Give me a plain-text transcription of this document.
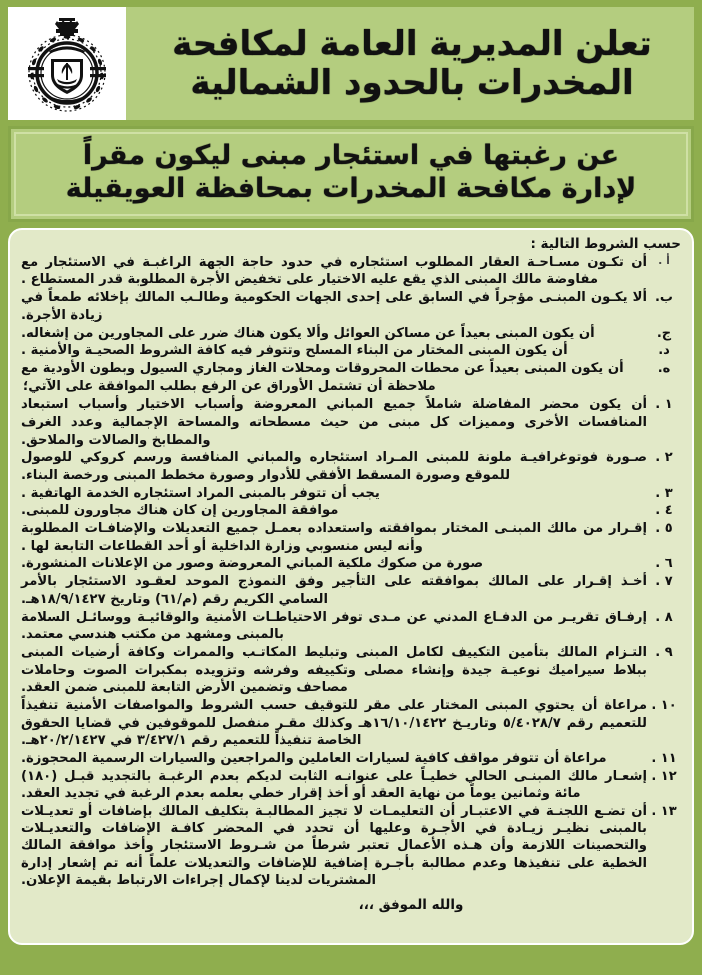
تعلن المديرية العامة لمكافحة
المخدرات بالحدود الشمالية
عن رغبتها في استئجار مبنى ليكون مقراً
لإدارة مكافحة المخدرات بمحافظة العويقيلة
حسب الشروط التالية :
أ .
أن تكـون مسـاحـة العقار المطلوب استئجاره في حدود حاجة الجهة الراغبـة في الاستئجار مع مفاوضة مالك المبنى الذي يقع عليه الاختيار على تخفيض الأجرة المطلوبة قدر المستطاع .
ب.
ألا يكـون المبنـى مؤجراً في السابق على إحدى الجهات الحكومية وطالـب المالك بإخلائه طمعاً في زيادة الأجرة.
ج.
أن يكون المبنى بعيداً عن مساكن العوائل وألا يكون هناك ضرر على المجاورين من إشغاله.
د.
أن يكون المبنى المختار من البناء المسلح وتتوفر فيه كافة الشروط الصحيـة والأمنية .
ه.
أن يكون المبنى بعيداً عن محطات المحروقات ومحلات الغاز ومجاري السيول وبطون الأودية مع
ملاحظة أن تشتمل الأوراق عن الرفع بطلب الموافقة على الآتي؛
١ .
أن يكون محضر المفاضلة شاملاً جميع المباني المعروضة وأسباب الاختيار وأسباب استبعاد المنافسات الأخرى ومميزات كل مبنى من حيث مسطحاته والمساحة الإجمالية وعدد الغرف والمطابخ والصالات والملاحق.
٢ .
صـورة فوتوغرافيـة ملونة للمبنى المـراد استئجاره والمباني المنافسة ورسم كروكي للوصول للموقع وصورة المسقط الأفقي للأدوار وصورة مخطط المبنى ورخصة البناء.
٣ .
يجب أن تتوفر بالمبنى المراد استئجاره الخدمة الهاتفية .
٤ .
موافقة المجاورين إن كان هناك مجاورون للمبنى.
٥ .
إقـرار من مالك المبنـى المختار بموافقته واستعداده بعمـل جميع التعديلات والإضافـات المطلوبة وأنه ليس منسوبي وزارة الداخلية أو أحد القطاعات التابعة لها .
٦ .
صورة من صكوك ملكية المباني المعروضة وصور من الإعلانات المنشورة.
٧ .
أخـذ إقـرار على المالك بموافقته على التأجير وفق النموذج الموحد لعقـود الاستئجار بالأمر السامي الكريم رقم (م/٦١) وتاريخ ١٨/٩/١٤٢٧هـ.
٨ .
إرفـاق تقريـر من الدفـاع المدني عن مـدى توفر الاحتياطـات الأمنية والوقائيـة ووسائـل السلامة بالمبنى ومشهد من مكتب هندسي معتمد.
٩ .
التـزام المالك بتأمين التكييف لكامل المبنى وتبليط المكاتـب والممرات وكافة أرضيات المبنى ببلاط سيراميك نوعيـة جيدة وإنشاء مصلى وتكييفه وفرشه وتزويده بمكبرات الصوت وحاملات مصاحف وتضمين الأرض التابعة للمبنى ضمن العقد.
١٠ .
مراعاة أن يحتوي المبنى المختار على مقر للتوقيف حسب الشروط والمواصفات الأمنية تنفيذاً للتعميم رقم ٥/٤٠٢٨/٧ وتاريـخ ١٦/١٠/١٤٢٢هـ وكذلك مقـر منفصل للموقوفين في قضايا الحقوق الخاصة تنفيذاً للتعميم رقم ٣/٤٢٧/١ في ٢٠/٢/١٤٢٧هـ.
١١ .
مراعاة أن تتوفر مواقف كافية لسيارات العاملين والمراجعين والسيارات الرسمية المحجوزة.
١٢ .
إشعـار مالك المبنـى الحالي خطيـاً على عنوانـه الثابت لديكم بعدم الرغبـة بالتجديد قبـل (١٨٠) مائة وثمانين يوماً من نهاية العقد أو أخذ إقرار خطي بعلمه بعدم الرغبة في تجديد العقد.
١٣ .
أن تضـع اللجنـة في الاعتبـار أن التعليمـات لا تجيز المطالبـة بتكليف المالك بإضافات أو تعديـلات بالمبنى نظيـر زيـادة في الأجـرة وعليها أن تحدد في المحضر كافـة الإضافات والتعديـلات والتحصينات اللازمة وأن هـذه الأعمال تعتبر شرطاً من شـروط الاستئجار وأخذ موافقة المالك الخطية على تنفيذها وعدم مطالبة بأجـرة إضافية للإضافات والتعديلات علماً أنه تم إشعار إدارة المشتريات لدينا لإكمال إجراءات الارتباط بقيمة الإعلان.
والله الموفق ،،،
